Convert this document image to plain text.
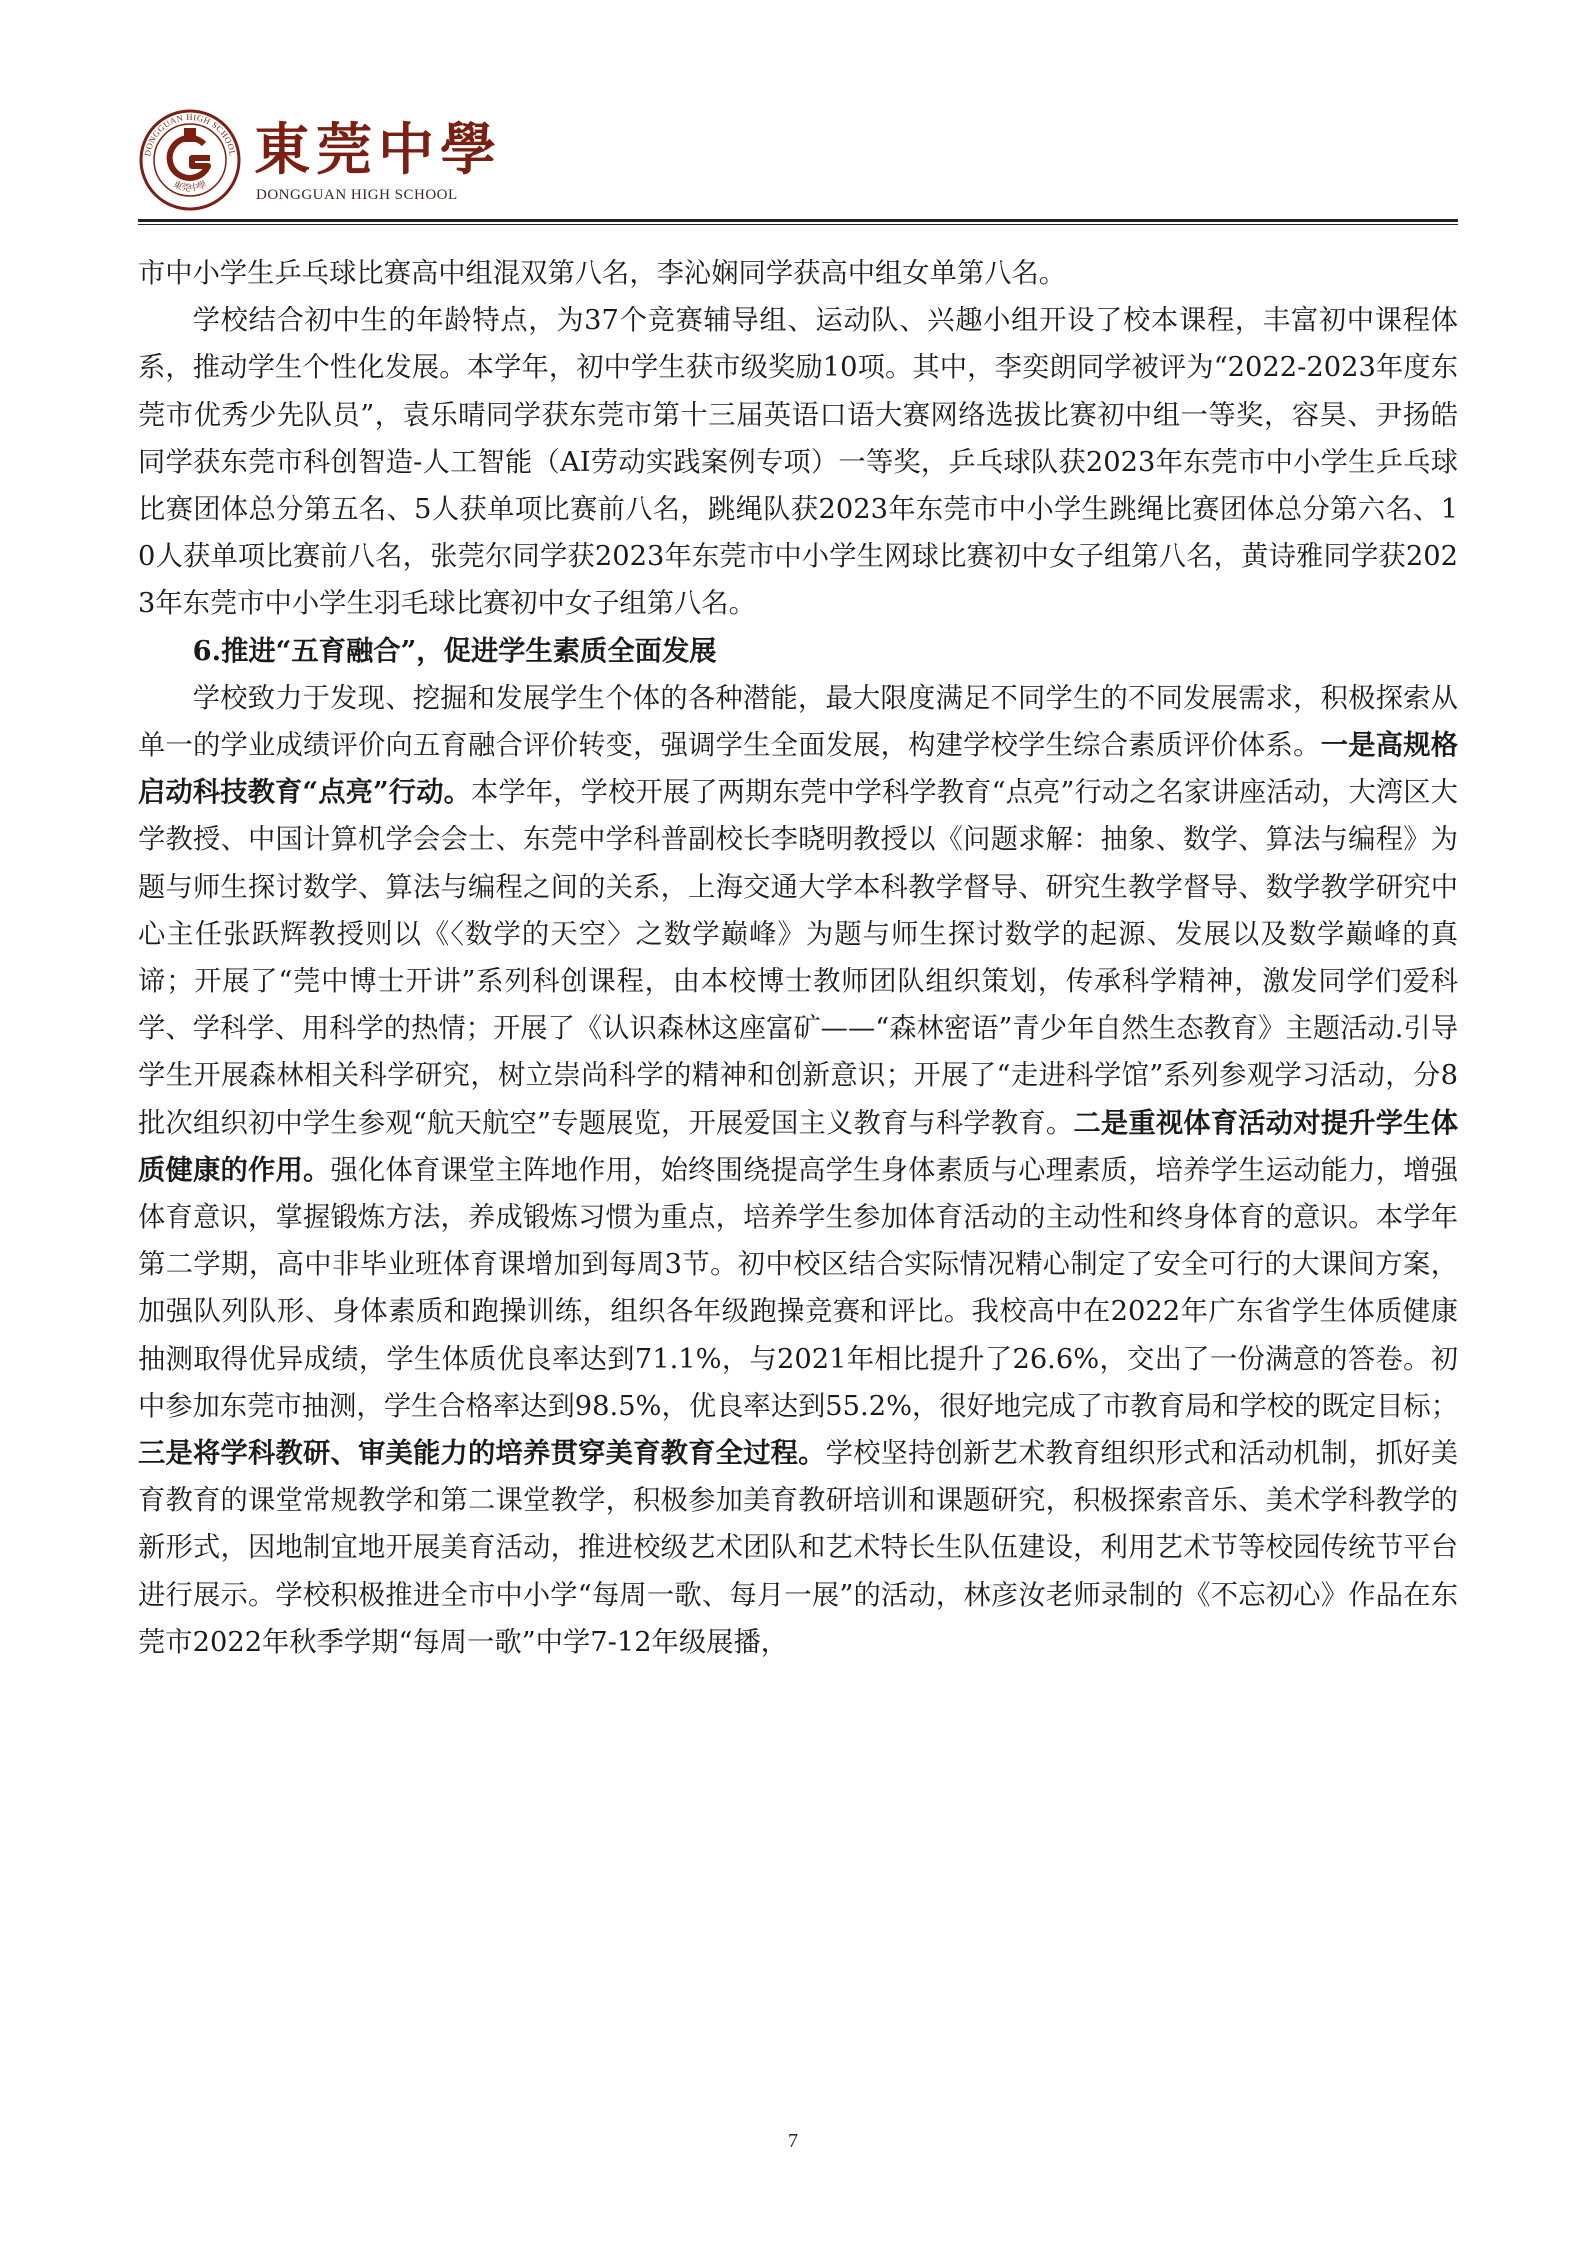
DONGGUAN HIGH SCHOOL
東莞中學
東莞中學
DONGGUAN HIGH SCHOOL

市中小学生乒乓球比赛高中组混双第八名，李沁娴同学获高中组女单第八名。

学校结合初中生的年龄特点，为37个竞赛辅导组、运动队、兴趣小组开设了校本课程，丰富初中课程体系，推动学生个性化发展。本学年，初中学生获市级奖励10项。其中，李奕朗同学被评为“2022-2023年度东莞市优秀少先队员”，袁乐晴同学获东莞市第十三届英语口语大赛网络选拔比赛初中组一等奖，容昊、尹扬皓同学获东莞市科创智造-人工智能（AI劳动实践案例专项）一等奖，乒乓球队获2023年东莞市中小学生乒乓球比赛团体总分第五名、5人获单项比赛前八名，跳绳队获2023年东莞市中小学生跳绳比赛团体总分第六名、10人获单项比赛前八名，张莞尔同学获2023年东莞市中小学生网球比赛初中女子组第八名，黄诗雅同学获2023年东莞市中小学生羽毛球比赛初中女子组第八名。

6.推进“五育融合”，促进学生素质全面发展

学校致力于发现、挖掘和发展学生个体的各种潜能，最大限度满足不同学生的不同发展需求，积极探索从单一的学业成绩评价向五育融合评价转变，强调学生全面发展，构建学校学生综合素质评价体系。一是高规格启动科技教育“点亮”行动。本学年，学校开展了两期东莞中学科学教育“点亮”行动之名家讲座活动，大湾区大学教授、中国计算机学会会士、东莞中学科普副校长李晓明教授以《问题求解：抽象、数学、算法与编程》为题与师生探讨数学、算法与编程之间的关系，上海交通大学本科教学督导、研究生教学督导、数学教学研究中心主任张跃辉教授则以《〈数学的天空〉之数学巅峰》为题与师生探讨数学的起源、发展以及数学巅峰的真谛；开展了“莞中博士开讲”系列科创课程，由本校博士教师团队组织策划，传承科学精神，激发同学们爱科学、学科学、用科学的热情；开展了《认识森林这座富矿——“森林密语”青少年自然生态教育》主题活动.引导学生开展森林相关科学研究，树立崇尚科学的精神和创新意识；开展了“走进科学馆”系列参观学习活动，分8批次组织初中学生参观“航天航空”专题展览，开展爱国主义教育与科学教育。二是重视体育活动对提升学生体质健康的作用。强化体育课堂主阵地作用，始终围绕提高学生身体素质与心理素质，培养学生运动能力，增强体育意识，掌握锻炼方法，养成锻炼习惯为重点，培养学生参加体育活动的主动性和终身体育的意识。本学年第二学期，高中非毕业班体育课增加到每周3节。初中校区结合实际情况精心制定了安全可行的大课间方案，加强队列队形、身体素质和跑操训练，组织各年级跑操竞赛和评比。我校高中在2022年广东省学生体质健康抽测取得优异成绩，学生体质优良率达到71.1%，与2021年相比提升了26.6%，交出了一份满意的答卷。初中参加东莞市抽测，学生合格率达到98.5%，优良率达到55.2%，很好地完成了市教育局和学校的既定目标；三是将学科教研、审美能力的培养贯穿美育教育全过程。学校坚持创新艺术教育组织形式和活动机制，抓好美育教育的课堂常规教学和第二课堂教学，积极参加美育教研培训和课题研究，积极探索音乐、美术学科教学的新形式，因地制宜地开展美育活动，推进校级艺术团队和艺术特长生队伍建设，利用艺术节等校园传统节平台进行展示。学校积极推进全市中小学“每周一歌、每月一展”的活动，林彦汝老师录制的《不忘初心》作品在东莞市2022年秋季学期“每周一歌”中学7-12年级展播，

7
